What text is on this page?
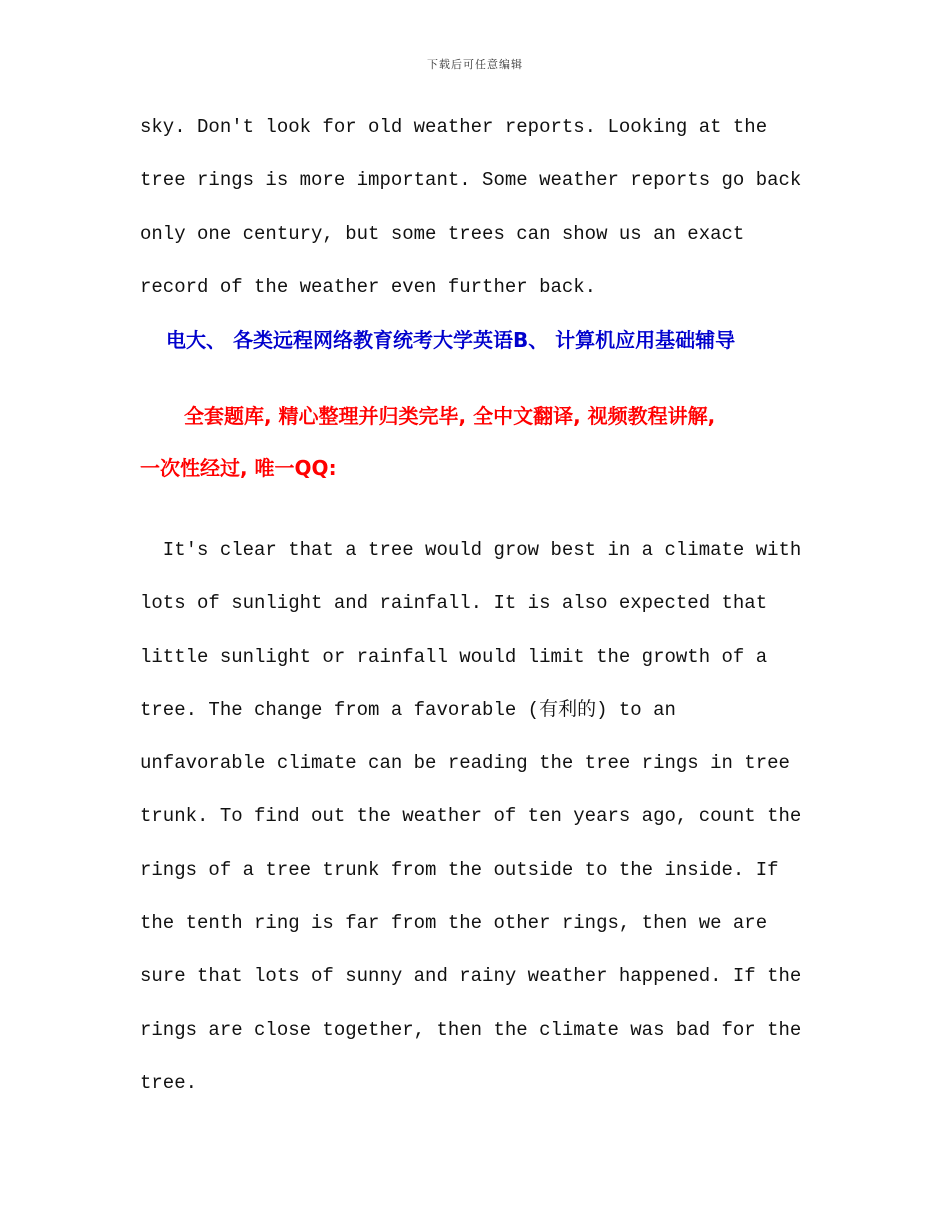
下载后可任意编辑
sky. Don't look for old weather reports. Looking at the
tree rings is more important. Some weather reports go back
only one century, but some trees can show us an exact
record of the weather even further back.
电大、 各类远程网络教育统考大学英语B、 计算机应用基础辅导
全套题库, 精心整理并归类完毕, 全中文翻译, 视频教程讲解,
一次性经过, 唯一QQ:
It's clear that a tree would grow best in a climate with
lots of sunlight and rainfall. It is also expected that
little sunlight or rainfall would limit the growth of a
tree. The change from a favorable (有利的) to an
unfavorable climate can be reading the tree rings in tree
trunk. To find out the weather of ten years ago, count the
rings of a tree trunk from the outside to the inside. If
the tenth ring is far from the other rings, then we are
sure that lots of sunny and rainy weather happened. If the
rings are close together, then the climate was bad for the
tree.
